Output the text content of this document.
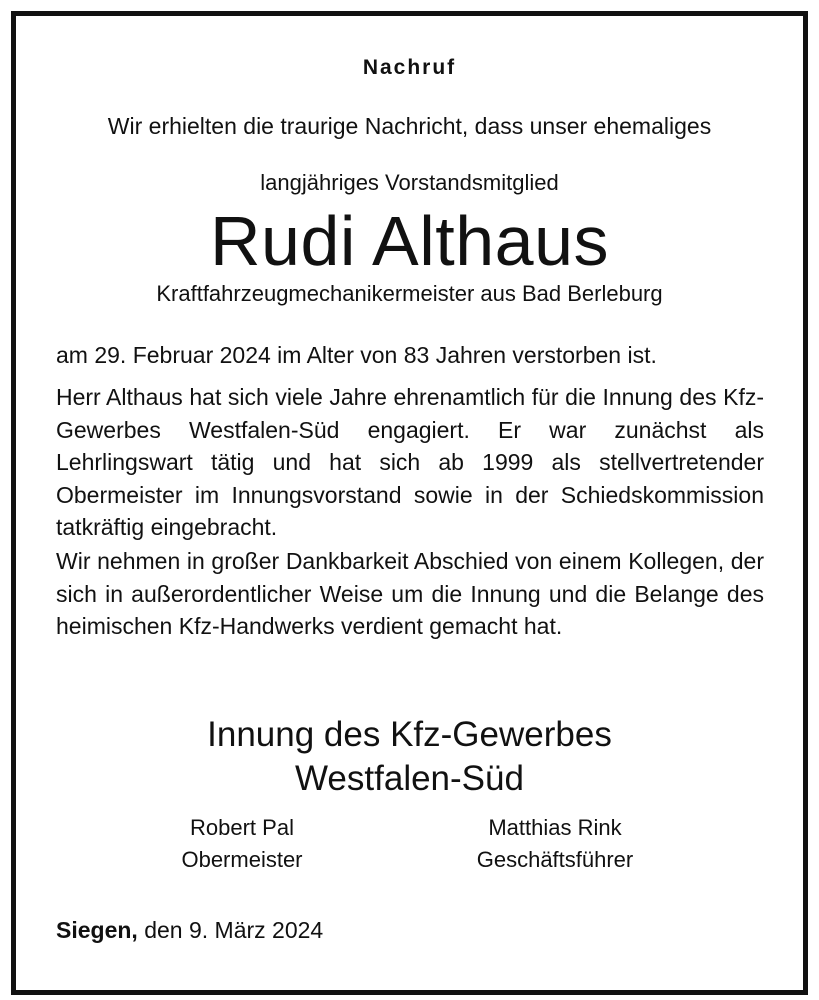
Nachruf
Wir erhielten die traurige Nachricht, dass unser ehemaliges
langjähriges Vorstandsmitglied
Rudi Althaus
Kraftfahrzeugmechanikermeister aus Bad Berleburg
am 29. Februar 2024 im Alter von 83 Jahren verstorben ist.
Herr Althaus hat sich viele Jahre ehrenamtlich für die Innung des Kfz-Gewerbes Westfalen-Süd engagiert. Er war zunächst als Lehrlingswart tätig und hat sich ab 1999 als stellvertretender Obermeister im Innungsvorstand sowie in der Schiedskommission tatkräftig eingebracht.
Wir nehmen in großer Dankbarkeit Abschied von einem Kollegen, der sich in außerordentlicher Weise um die Innung und die Belange des heimischen Kfz-Handwerks verdient gemacht hat.
Innung des Kfz-Gewerbes
Westfalen-Süd
Robert Pal
Obermeister
Matthias Rink
Geschäftsführer
Siegen, den 9. März 2024
